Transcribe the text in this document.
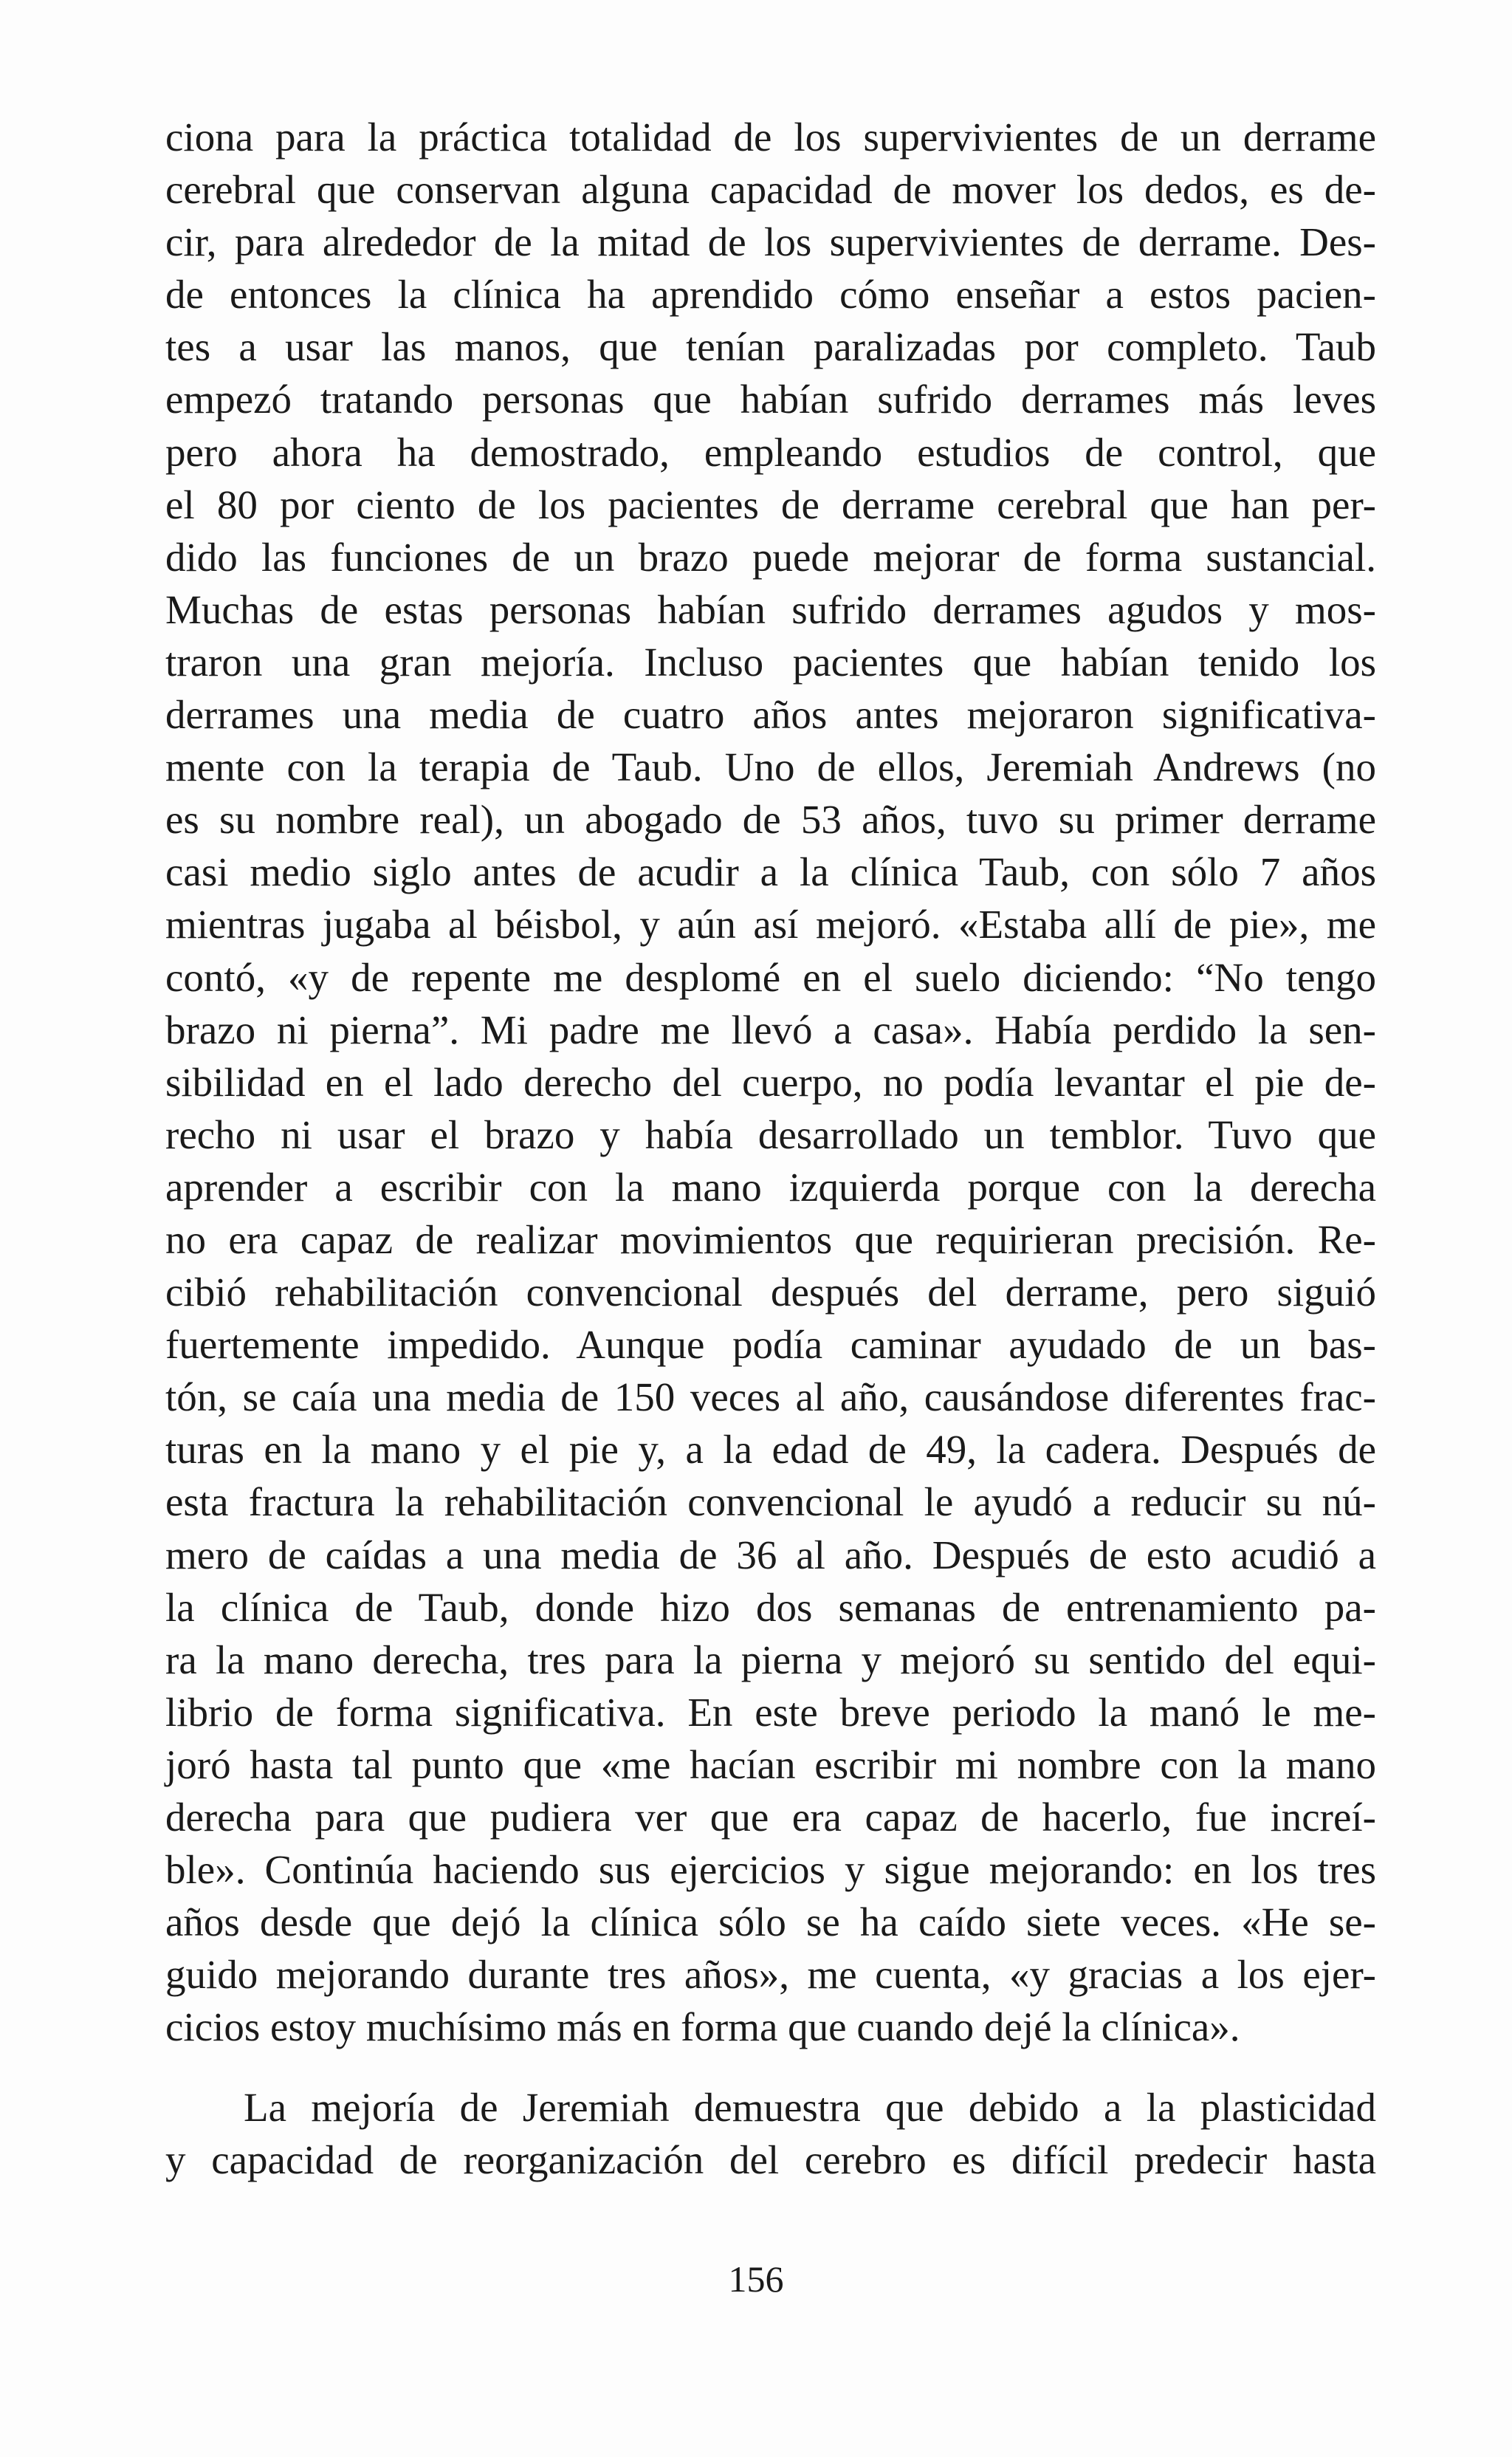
ciona para la práctica totalidad de los supervivientes de un derrame
cerebral que conservan alguna capacidad de mover los dedos, es de-
cir, para alrededor de la mitad de los supervivientes de derrame. Des-
de entonces la clínica ha aprendido cómo enseñar a estos pacien-
tes a usar las manos, que tenían paralizadas por completo. Taub
empezó tratando personas que habían sufrido derrames más leves
pero ahora ha demostrado, empleando estudios de control, que
el 80 por ciento de los pacientes de derrame cerebral que han per-
dido las funciones de un brazo puede mejorar de forma sustancial.
Muchas de estas personas habían sufrido derrames agudos y mos-
traron una gran mejoría. Incluso pacientes que habían tenido los
derrames una media de cuatro años antes mejoraron significativa-
mente con la terapia de Taub. Uno de ellos, Jeremiah Andrews (no
es su nombre real), un abogado de 53 años, tuvo su primer derrame
casi medio siglo antes de acudir a la clínica Taub, con sólo 7 años
mientras jugaba al béisbol, y aún así mejoró. «Estaba allí de pie», me
contó, «y de repente me desplomé en el suelo diciendo: “No tengo
brazo ni pierna”. Mi padre me llevó a casa». Había perdido la sen-
sibilidad en el lado derecho del cuerpo, no podía levantar el pie de-
recho ni usar el brazo y había desarrollado un temblor. Tuvo que
aprender a escribir con la mano izquierda porque con la derecha
no era capaz de realizar movimientos que requirieran precisión. Re-
cibió rehabilitación convencional después del derrame, pero siguió
fuertemente impedido. Aunque podía caminar ayudado de un bas-
tón, se caía una media de 150 veces al año, causándose diferentes frac-
turas en la mano y el pie y, a la edad de 49, la cadera. Después de
esta fractura la rehabilitación convencional le ayudó a reducir su nú-
mero de caídas a una media de 36 al año. Después de esto acudió a
la clínica de Taub, donde hizo dos semanas de entrenamiento pa-
ra la mano derecha, tres para la pierna y mejoró su sentido del equi-
librio de forma significativa. En este breve periodo la manó le me-
joró hasta tal punto que «me hacían escribir mi nombre con la mano
derecha para que pudiera ver que era capaz de hacerlo, fue increí-
ble». Continúa haciendo sus ejercicios y sigue mejorando: en los tres
años desde que dejó la clínica sólo se ha caído siete veces. «He se-
guido mejorando durante tres años», me cuenta, «y gracias a los ejer-
cicios estoy muchísimo más en forma que cuando dejé la clínica».
La mejoría de Jeremiah demuestra que debido a la plasticidad
y capacidad de reorganización del cerebro es difícil predecir hasta
156
